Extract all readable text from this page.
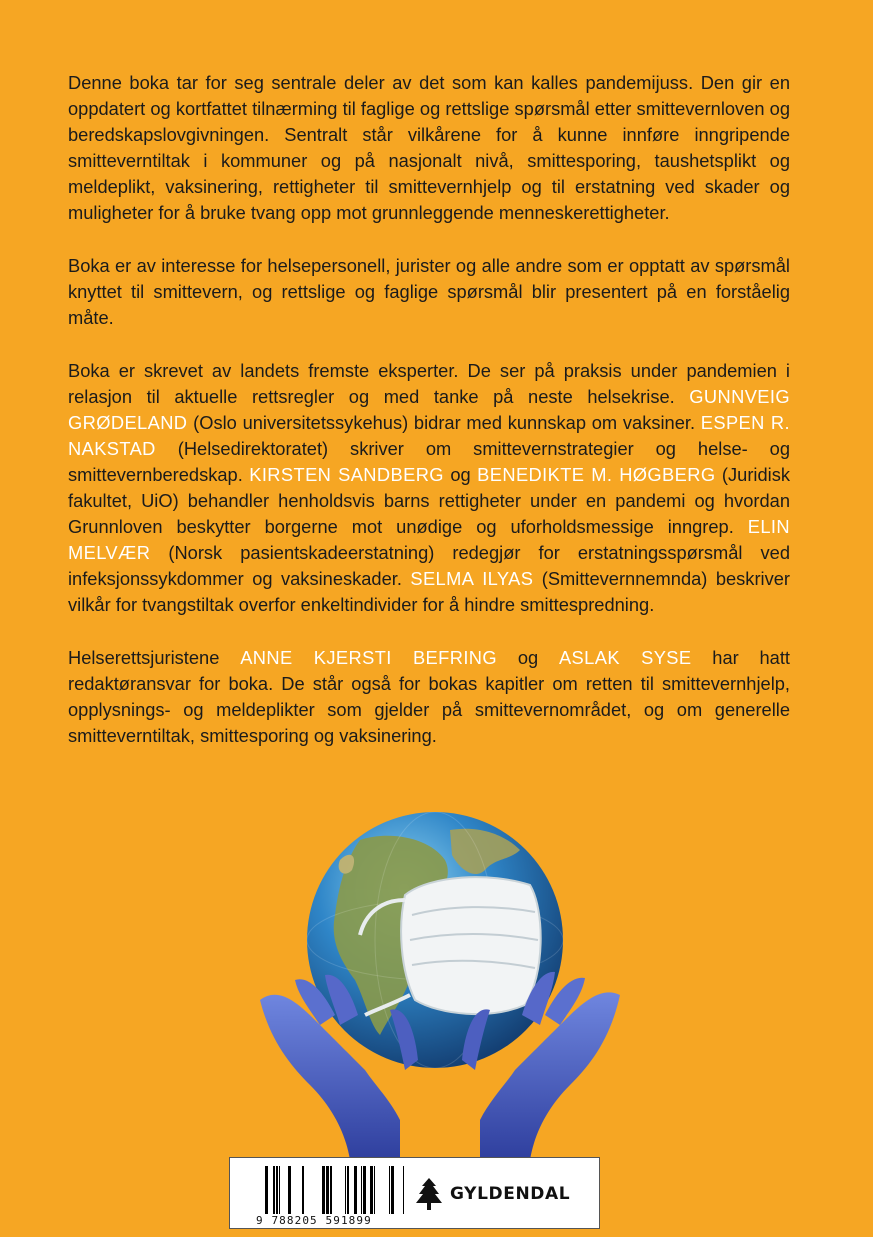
Denne boka tar for seg sentrale deler av det som kan kalles pandemijuss. Den gir en oppdatert og kortfattet tilnærming til faglige og rettslige spørsmål etter smittevernloven og beredskapslovgivningen. Sentralt står vilkårene for å kunne innføre inngripende smitteverntiltak i kommuner og på nasjonalt nivå, smittesporing, taushetsplikt og meldeplikt, vaksinering, rettigheter til smittevernhjelp og til erstatning ved skader og muligheter for å bruke tvang opp mot grunnleggende menneskerettigheter.

Boka er av interesse for helsepersonell, jurister og alle andre som er opptatt av spørsmål knyttet til smittevern, og rettslige og faglige spørsmål blir presentert på en forståelig måte.

Boka er skrevet av landets fremste eksperter. De ser på praksis under pandemien i relasjon til aktuelle rettsregler og med tanke på neste helsekrise. GUNNVEIG GRØDELAND (Oslo universitetssykehus) bidrar med kunnskap om vaksiner. ESPEN R. NAKSTAD (Helsedirektoratet) skriver om smittevernstrategier og helse- og smittevernberedskap. KIRSTEN SANDBERG og BENEDIKTE M. HØGBERG (Juridisk fakultet, UiO) behandler henholdsvis barns rettigheter under en pandemi og hvordan Grunnloven beskytter borgerne mot unødige og uforholdsmessige inngrep. ELIN MELVÆR (Norsk pasientskadeerstatning) redegjør for erstatningsspørsmål ved infeksjonssykdommer og vaksineskader. SELMA ILYAS (Smittevernnemnda) beskriver vilkår for tvangstiltak overfor enkeltindivider for å hindre smittespredning.

Helserettsjuristene ANNE KJERSTI BEFRING og ASLAK SYSE har hatt redaktøransvar for boka. De står også for bokas kapitler om retten til smittevernhjelp, opplysnings- og meldeplikter som gjelder på smittevernområdet, og om generelle smitteverntiltak, smittesporing og vaksinering.

9 788205 591899
GYLDENDAL
